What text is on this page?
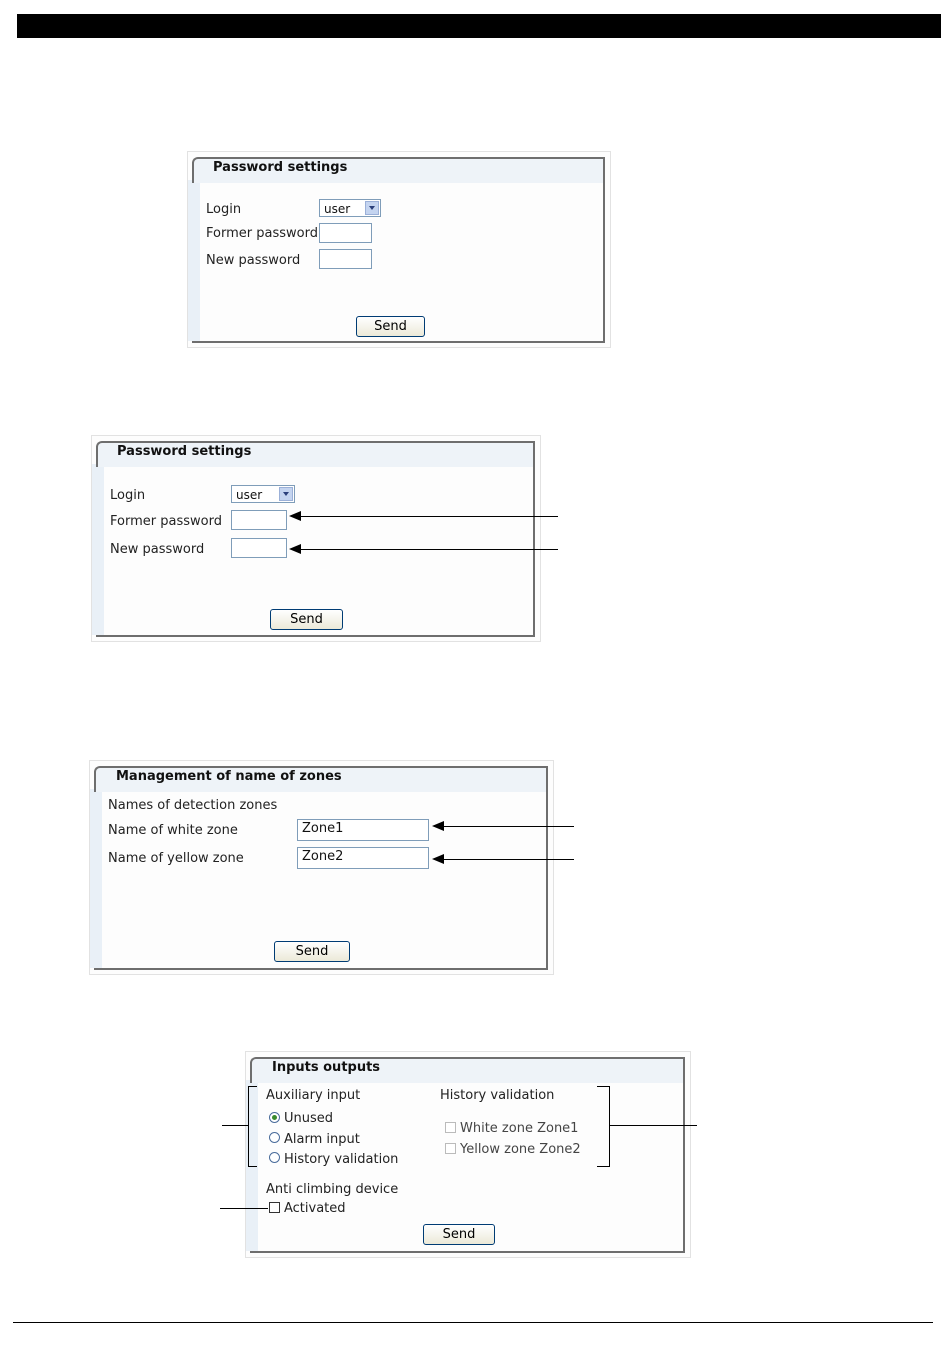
Password settings
Login	user
Former password
New password
Send
Password settings
Login	user
Former password
New password
Send
Management of name of zones
Names of detection zones
Name of white zone	Zone1
Name of yellow zone	Zone2
Send
Inputs outputs
Auxiliary input
Unused
Alarm input
History validation
History validation
White zone Zone1
Yellow zone Zone2
Anti climbing device
Activated
Send
